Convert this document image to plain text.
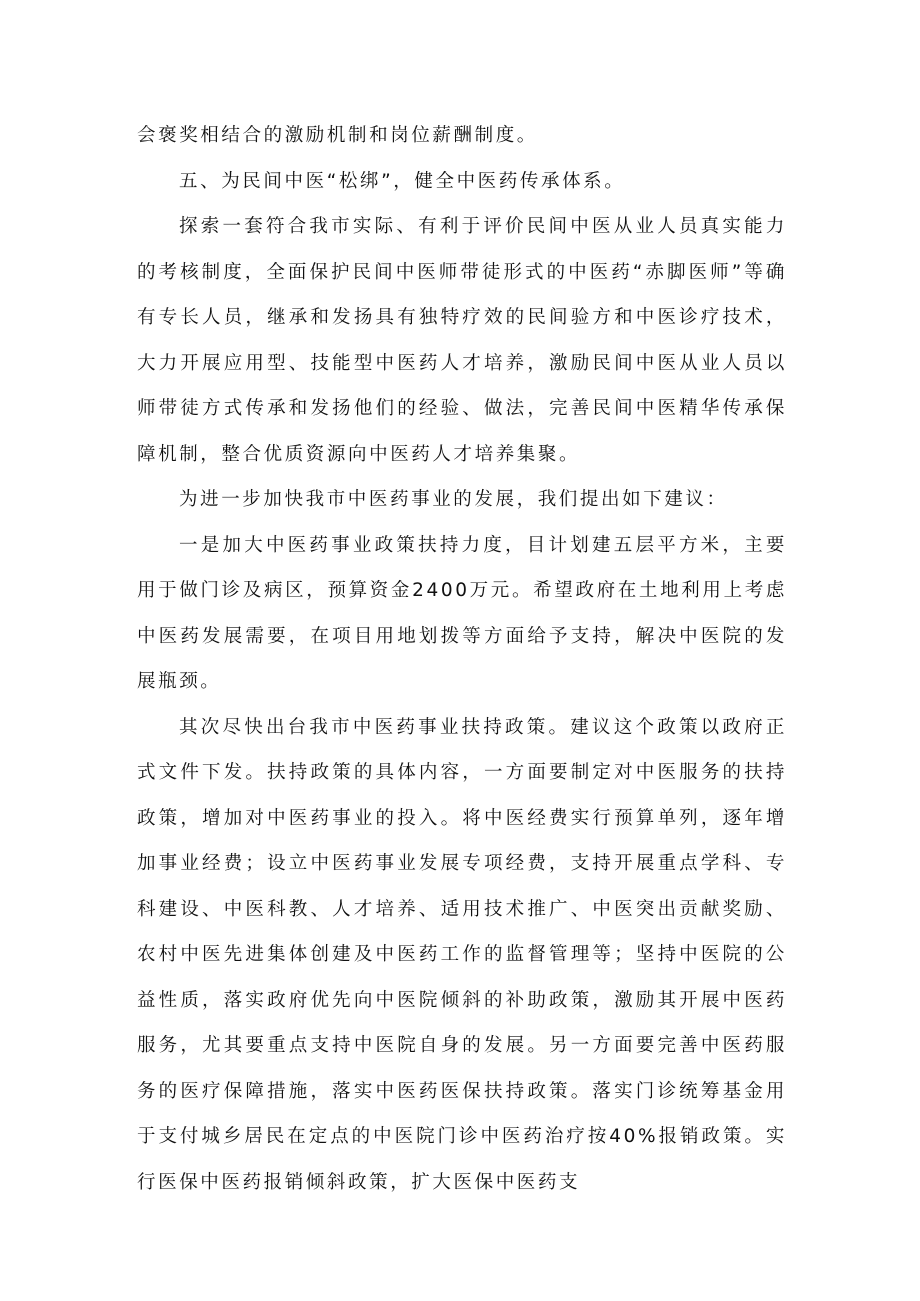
会褒奖相结合的激励机制和岗位薪酬制度。

五、为民间中医“松绑”，健全中医药传承体系。

探索一套符合我市实际、有利于评价民间中医从业人员真实能力的考核制度，全面保护民间中医师带徒形式的中医药“赤脚医师”等确有专长人员，继承和发扬具有独特疗效的民间验方和中医诊疗技术，大力开展应用型、技能型中医药人才培养，激励民间中医从业人员以师带徒方式传承和发扬他们的经验、做法，完善民间中医精华传承保障机制，整合优质资源向中医药人才培养集聚。

为进一步加快我市中医药事业的发展，我们提出如下建议：

一是加大中医药事业政策扶持力度，目计划建五层平方米，主要用于做门诊及病区，预算资金2400万元。希望政府在土地利用上考虑中医药发展需要，在项目用地划拨等方面给予支持，解决中医院的发展瓶颈。

其次尽快出台我市中医药事业扶持政策。建议这个政策以政府正式文件下发。扶持政策的具体内容，一方面要制定对中医服务的扶持政策，增加对中医药事业的投入。将中医经费实行预算单列，逐年增加事业经费；设立中医药事业发展专项经费，支持开展重点学科、专科建设、中医科教、人才培养、适用技术推广、中医突出贡献奖励、农村中医先进集体创建及中医药工作的监督管理等；坚持中医院的公益性质，落实政府优先向中医院倾斜的补助政策，激励其开展中医药服务，尤其要重点支持中医院自身的发展。另一方面要完善中医药服务的医疗保障措施，落实中医药医保扶持政策。落实门诊统筹基金用于支付城乡居民在定点的中医院门诊中医药治疗按40%报销政策。实行医保中医药报销倾斜政策，扩大医保中医药支
